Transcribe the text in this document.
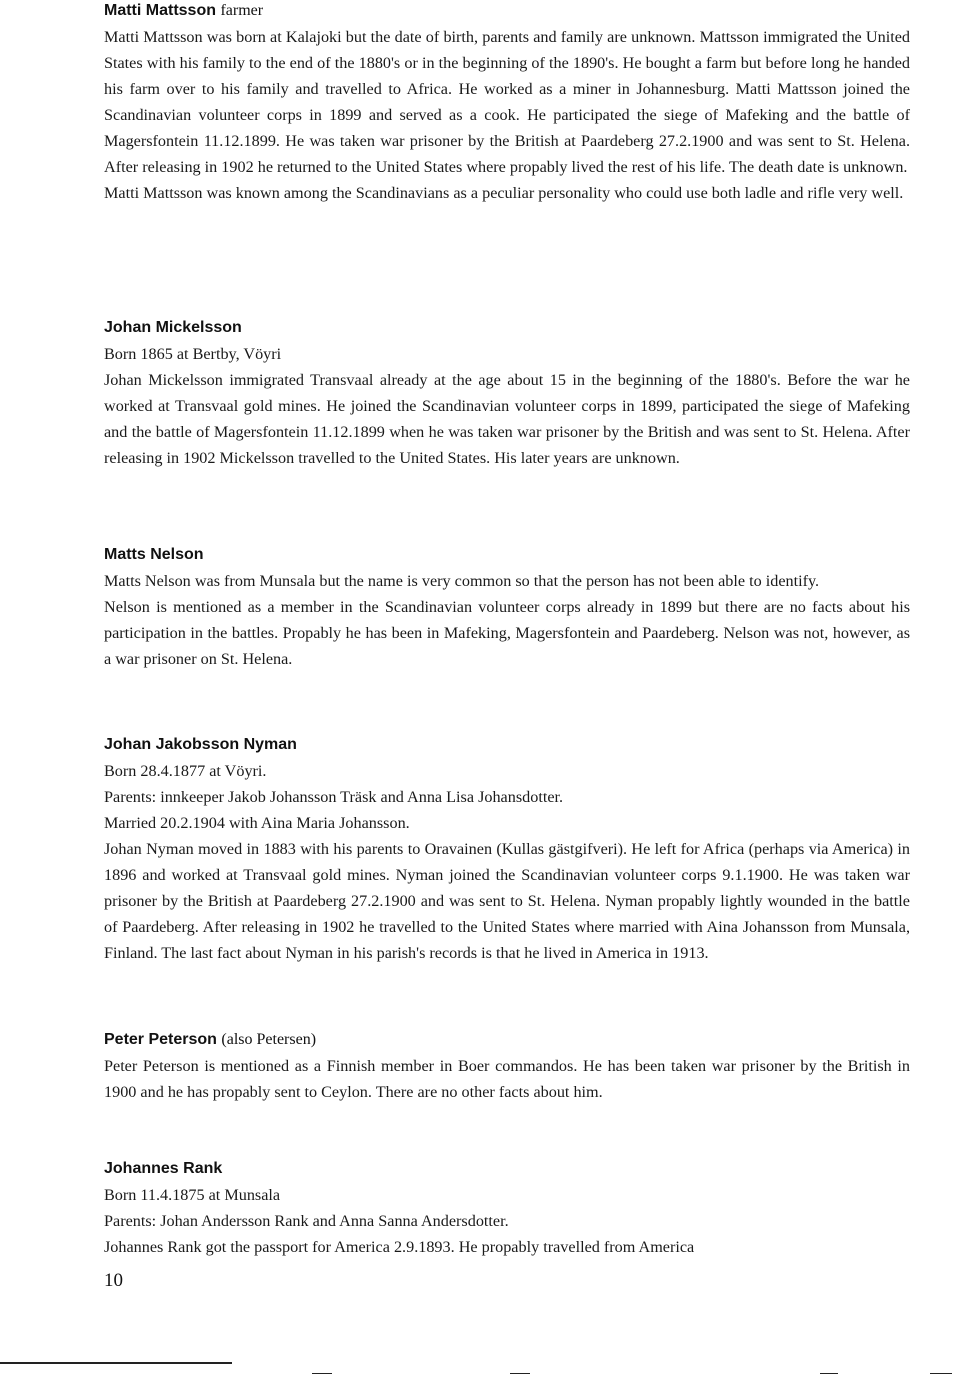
Matti Mattsson farmer

Matti Mattsson was born at Kalajoki but the date of birth, parents and family are unknown. Mattsson immigrated the United States with his family to the end of the 1880's or in the beginning of the 1890's. He bought a farm but before long he handed his farm over to his family and travelled to Africa. He worked as a miner in Johannesburg. Matti Mattsson joined the Scandinavian volunteer corps in 1899 and served as a cook. He participated the siege of Mafeking and the battle of Magersfontein 11.12.1899. He was taken war prisoner by the British at Paardeberg 27.2.1900 and was sent to St. Helena. After releasing in 1902 he returned to the United States where propably lived the rest of his life. The death date is unknown.

Matti Mattsson was known among the Scandinavians as a peculiar personality who could use both ladle and rifle very well.

Johan Mickelsson

Born 1865 at Bertby, Vöyri

Johan Mickelsson immigrated Transvaal already at the age about 15 in the beginning of the 1880's. Before the war he worked at Transvaal gold mines. He joined the Scandinavian volunteer corps in 1899, participated the siege of Mafeking and the battle of Magersfontein 11.12.1899 when he was taken war prisoner by the British and was sent to St. Helena. After releasing in 1902 Mickelsson travelled to the United States. His later years are unknown.

Matts Nelson

Matts Nelson was from Munsala but the name is very common so that the person has not been able to identify.

Nelson is mentioned as a member in the Scandinavian volunteer corps already in 1899 but there are no facts about his participation in the battles. Propably he has been in Mafeking, Magersfontein and Paardeberg. Nelson was not, however, as a war prisoner on St. Helena.

Johan Jakobsson Nyman

Born 28.4.1877 at Vöyri.

Parents: innkeeper Jakob Johansson Träsk and Anna Lisa Johansdotter.

Married 20.2.1904 with Aina Maria Johansson.

Johan Nyman moved in 1883 with his parents to Oravainen (Kullas gästgifveri). He left for Africa (perhaps via America) in 1896 and worked at Transvaal gold mines. Nyman joined the Scandinavian volunteer corps 9.1.1900. He was taken war prisoner by the British at Paardeberg 27.2.1900 and was sent to St. Helena. Nyman propably lightly wounded in the battle of Paardeberg. After releasing in 1902 he travelled to the United States where married with Aina Johansson from Munsala, Finland. The last fact about Nyman in his parish's records is that he lived in America in 1913.

Peter Peterson (also Petersen)

Peter Peterson is mentioned as a Finnish member in Boer commandos. He has been taken war prisoner by the British in 1900 and he has propably sent to Ceylon. There are no other facts about him.

Johannes Rank

Born 11.4.1875 at Munsala

Parents: Johan Andersson Rank and Anna Sanna Andersdotter.

Johannes Rank got the passport for America 2.9.1893. He propably travelled from America

10
